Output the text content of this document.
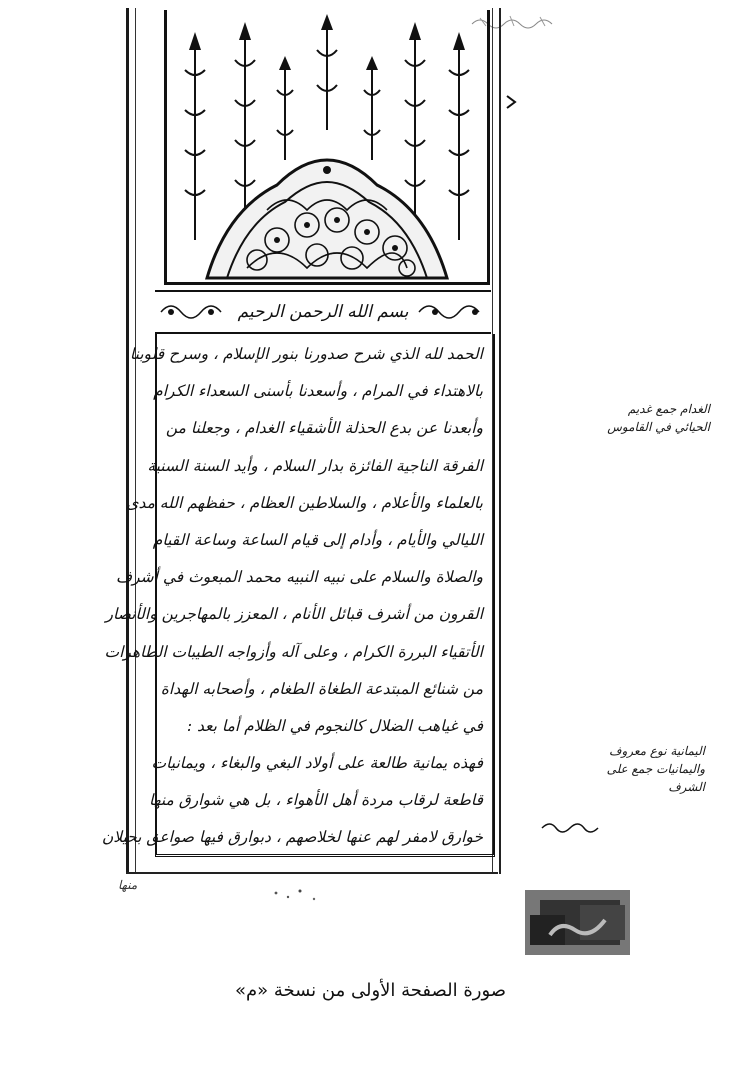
بسم الله الرحمن الرحيم
الحمد لله الذي شرح صدورنا بنور الإسلام ، وسرح قلوبنا
بالاهتداء في المرام ، وأسعدنا بأسنى السعداء الكرام
وأبعدنا عن بدع الحذلة الأشقياء الغدام ، وجعلنا من
الفرقة الناجية الفائزة بدار السلام ، وأيد السنة السنية
بالعلماء والأعلام ، والسلاطين العظام ، حفظهم الله مدى
الليالي والأيام ، وأدام إلى قيام الساعة وساعة القيام
والصلاة والسلام على نبيه النبيه محمد المبعوث في أشرف
القرون من أشرف قبائل الأنام ، المعزز بالمهاجرين والأنصار
الأتقياء البررة الكرام ، وعلى آله وأزواجه الطيبات الطاهرات
من شنائع المبتدعة الطغاة الطغام ، وأصحابه الهداة
في غياهب الضلال كالنجوم في الظلام أما بعد :
فهذه يمانية طالعة على أولاد البغي والبغاء ، ويمانيات
قاطعة لرقاب مردة أهل الأهواء ، بل هي شوارق منها
خوارق لامفر لهم عنها لخلاصهم ، دبوارق فيها صواعق بحيلان
الغدام جمع غديم
الحيائي في القاموس
اليمانية نوع معروف
واليمانيات جمع على
الشرف
منها
صورة الصفحة الأولى من نسخة «م»
